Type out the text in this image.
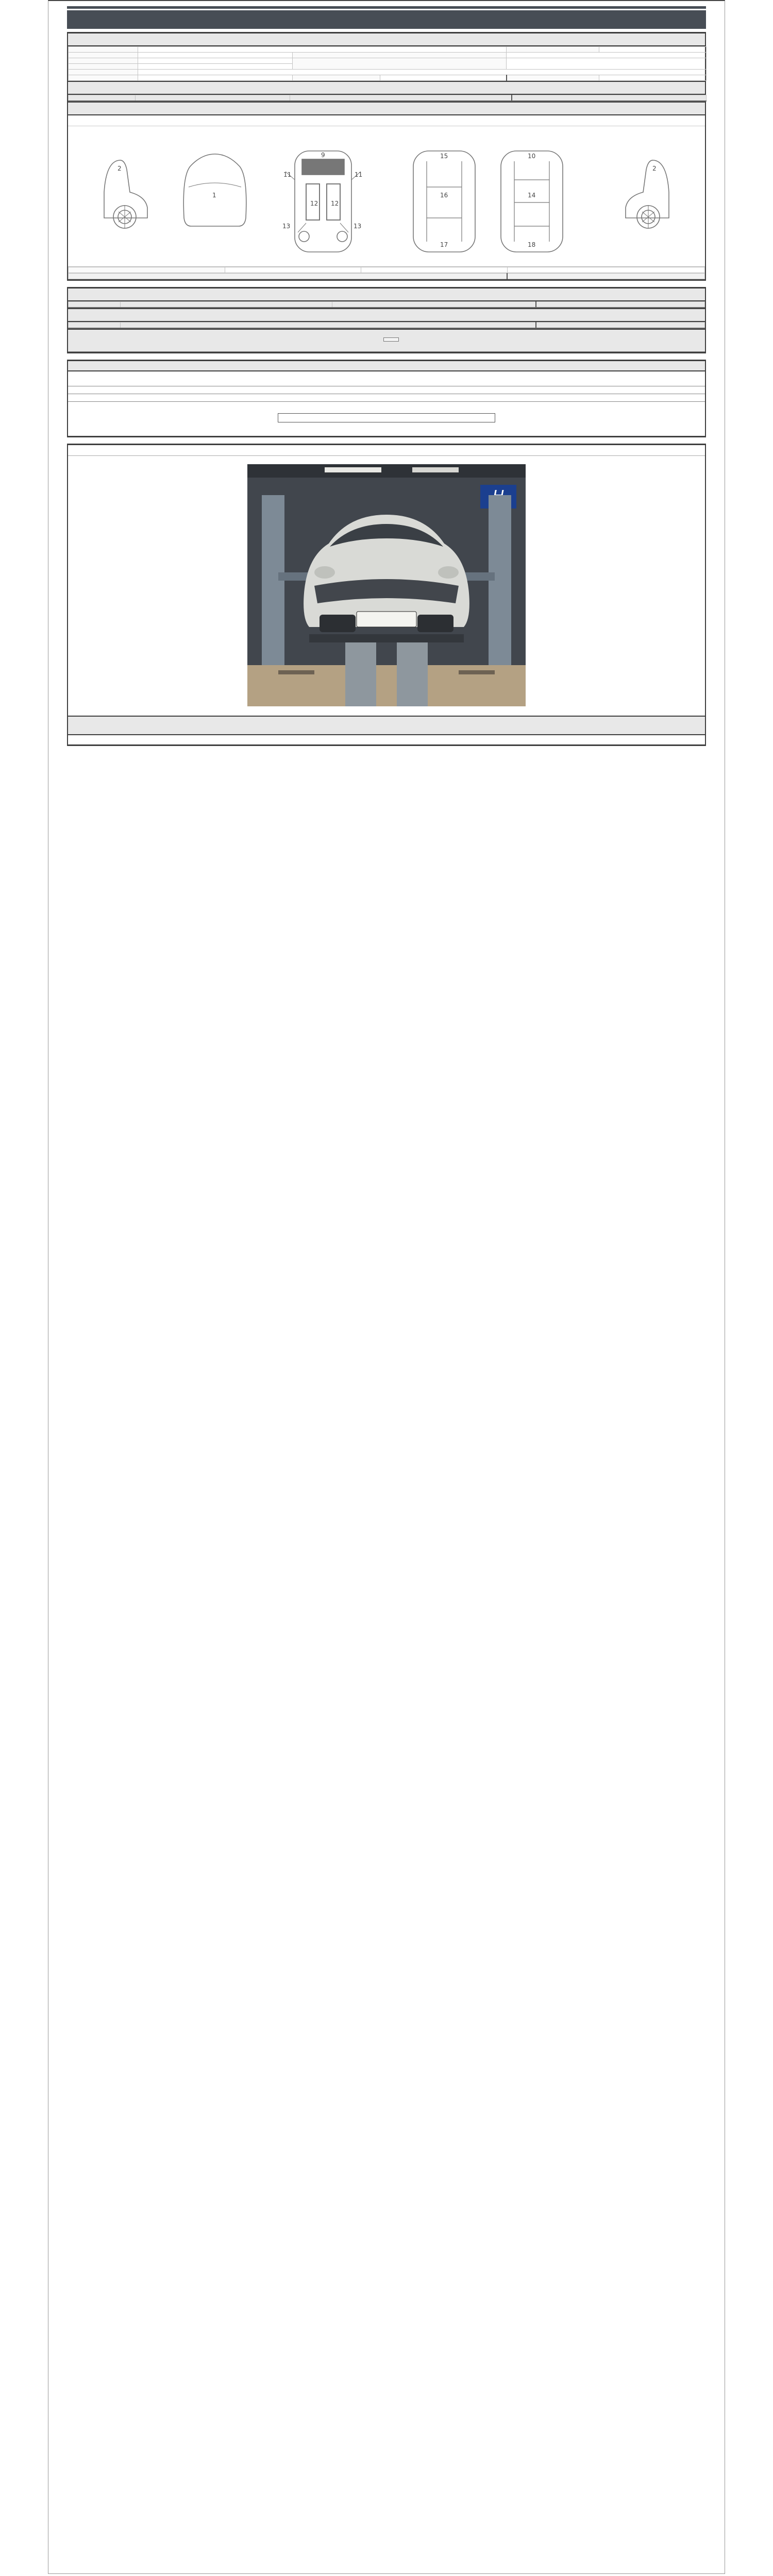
2
1
11	11
13	13
12 12
9
2
15
16
17
10
14
18
